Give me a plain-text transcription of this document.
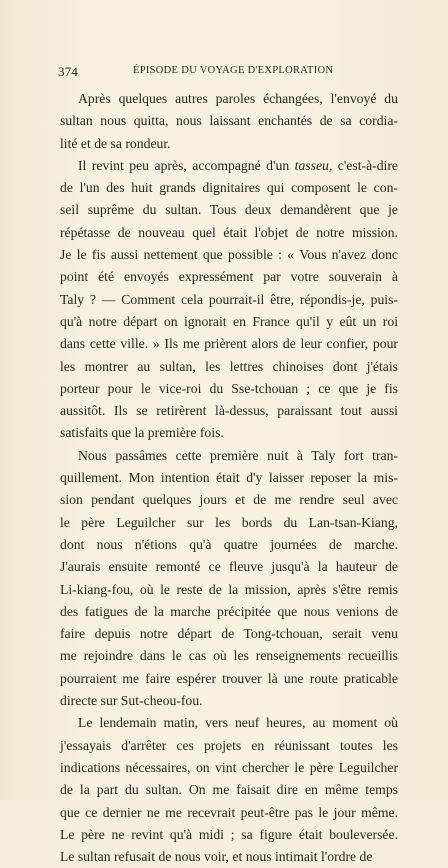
374	ÉPISODE DU VOYAGE D'EXPLORATION

Après quelques autres paroles échangées, l'envoyé du
sultan nous quitta, nous laissant enchantés de sa cordia-
lité et de sa rondeur.

Il revint peu après, accompagné d'un tasseu, c'est-à-dire
de l'un des huit grands dignitaires qui composent le con-
seil suprême du sultan. Tous deux demandèrent que je
répétasse de nouveau quel était l'objet de notre mission.
Je le fis aussi nettement que possible : « Vous n'avez donc
point été envoyés expressément par votre souverain à
Taly ? — Comment cela pourrait-il être, répondis-je, puis-
qu'à notre départ on ignorait en France qu'il y eût un roi
dans cette ville. » Ils me prièrent alors de leur confier, pour
les montrer au sultan, les lettres chinoises dont j'étais
porteur pour le vice-roi du Sse-tchouan ; ce que je fis
aussitôt. Ils se retirèrent là-dessus, paraissant tout aussi
satisfaits que la première fois.

Nous passâmes cette première nuit à Taly fort tran-
quillement. Mon intention était d'y laisser reposer la mis-
sion pendant quelques jours et de me rendre seul avec
le père Leguilcher sur les bords du Lan-tsan-Kiang,
dont nous n'étions qu'à quatre journées de marche.
J'aurais ensuite remonté ce fleuve jusqu'à la hauteur de
Li-kiang-fou, où le reste de la mission, après s'être remis
des fatigues de la marche précipitée que nous venions de
faire depuis notre départ de Tong-tchouan, serait venu
me rejoindre dans le cas où les renseignements recueillis
pourraient me faire espérer trouver là une route praticable
directe sur Sut-cheou-fou.

Le lendemain matin, vers neuf heures, au moment où
j'essayais d'arrêter ces projets en réunissant toutes les
indications nécessaires, on vint chercher le père Leguilcher
de la part du sultan. On me faisait dire en même temps
que ce dernier ne me recevrait peut-être pas le jour même.
Le père ne revint qu'à midi ; sa figure était bouleversée.
Le sultan refusait de nous voir, et nous intimait l'ordre de
